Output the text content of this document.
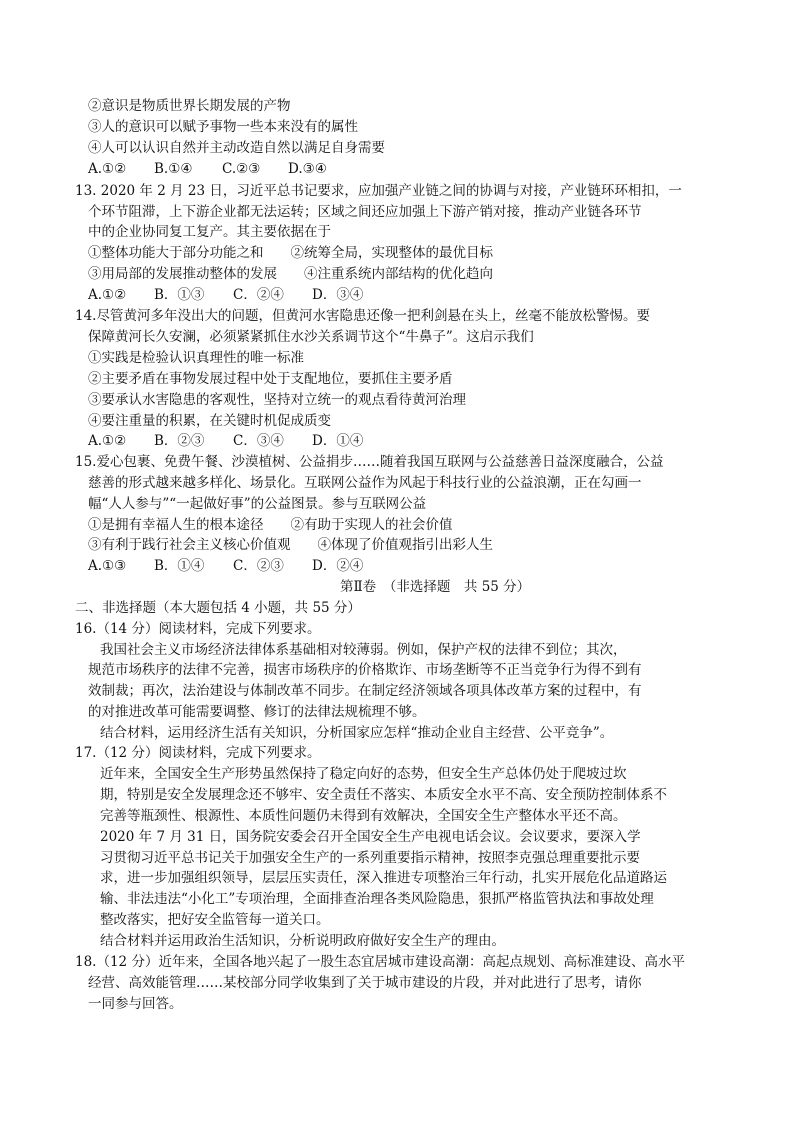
②意识是物质世界长期发展的产物
③人的意识可以赋予事物一些本来没有的属性
④人可以认识自然并主动改造自然以满足自身需要
A.①② B.①④ C.②③ D.③④
13. 2020 年 2 月 23 日，习近平总书记要求，应加强产业链之间的协调与对接，产业链环环相扣，一
个环节阻滞，上下游企业都无法运转；区域之间还应加强上下游产销对接，推动产业链各环节
中的企业协同复工复产。其主要依据在于
①整体功能大于部分功能之和　　②统筹全局，实现整体的最优目标
③用局部的发展推动整体的发展　　④注重系统内部结构的优化趋向
A.①② B．①③ C．②④ D．③④
14.尽管黄河多年没出大的问题，但黄河水害隐患还像一把利剑悬在头上，丝毫不能放松警惕。要
保障黄河长久安澜，必须紧紧抓住水沙关系调节这个“牛鼻子”。这启示我们
①实践是检验认识真理性的唯一标准
②主要矛盾在事物发展过程中处于支配地位，要抓住主要矛盾
③要承认水害隐患的客观性，坚持对立统一的观点看待黄河治理
④要注重量的积累，在关键时机促成质变
A.①② B．②③ C．③④ D．①④
15.爱心包裹、免费午餐、沙漠植树、公益捐步……随着我国互联网与公益慈善日益深度融合，公益
慈善的形式越来越多样化、场景化。互联网公益作为风起于科技行业的公益浪潮，正在勾画一
幅“人人参与”“一起做好事”的公益图景。参与互联网公益
①是拥有幸福人生的根本途径　　②有助于实现人的社会价值
③有利于践行社会主义核心价值观　　④体现了价值观指引出彩人生
A.①③ B．①④ C．②③ D．②④
第Ⅱ卷　（非选择题　共 55 分）
二、非选择题（本大题包括 4 小题，共 55 分）
16.（14 分）阅读材料，完成下列要求。
我国社会主义市场经济法律体系基础相对较薄弱。例如，保护产权的法律不到位；其次，
规范市场秩序的法律不完善，损害市场秩序的价格欺诈、市场垄断等不正当竞争行为得不到有
效制裁；再次，法治建设与体制改革不同步。在制定经济领域各项具体改革方案的过程中，有
的对推进改革可能需要调整、修订的法律法规梳理不够。
结合材料，运用经济生活有关知识，分析国家应怎样“推动企业自主经营、公平竞争”。
17.（12 分）阅读材料，完成下列要求。
近年来，全国安全生产形势虽然保持了稳定向好的态势，但安全生产总体仍处于爬坡过坎
期，特别是安全发展理念还不够牢、安全责任不落实、本质安全水平不高、安全预防控制体系不
完善等瓶颈性、根源性、本质性问题仍未得到有效解决，全国安全生产整体水平还不高。
2020 年 7 月 31 日，国务院安委会召开全国安全生产电视电话会议。会议要求，要深入学
习贯彻习近平总书记关于加强安全生产的一系列重要指示精神，按照李克强总理重要批示要
求，进一步加强组织领导，层层压实责任，深入推进专项整治三年行动，扎实开展危化品道路运
输、非法违法“小化工”专项治理，全面排查治理各类风险隐患，狠抓严格监管执法和事故处理
整改落实，把好安全监管每一道关口。
结合材料并运用政治生活知识，分析说明政府做好安全生产的理由。
18.（12 分）近年来，全国各地兴起了一股生态宜居城市建设高潮：高起点规划、高标准建设、高水平
经营、高效能管理……某校部分同学收集到了关于城市建设的片段，并对此进行了思考，请你
一同参与回答。
